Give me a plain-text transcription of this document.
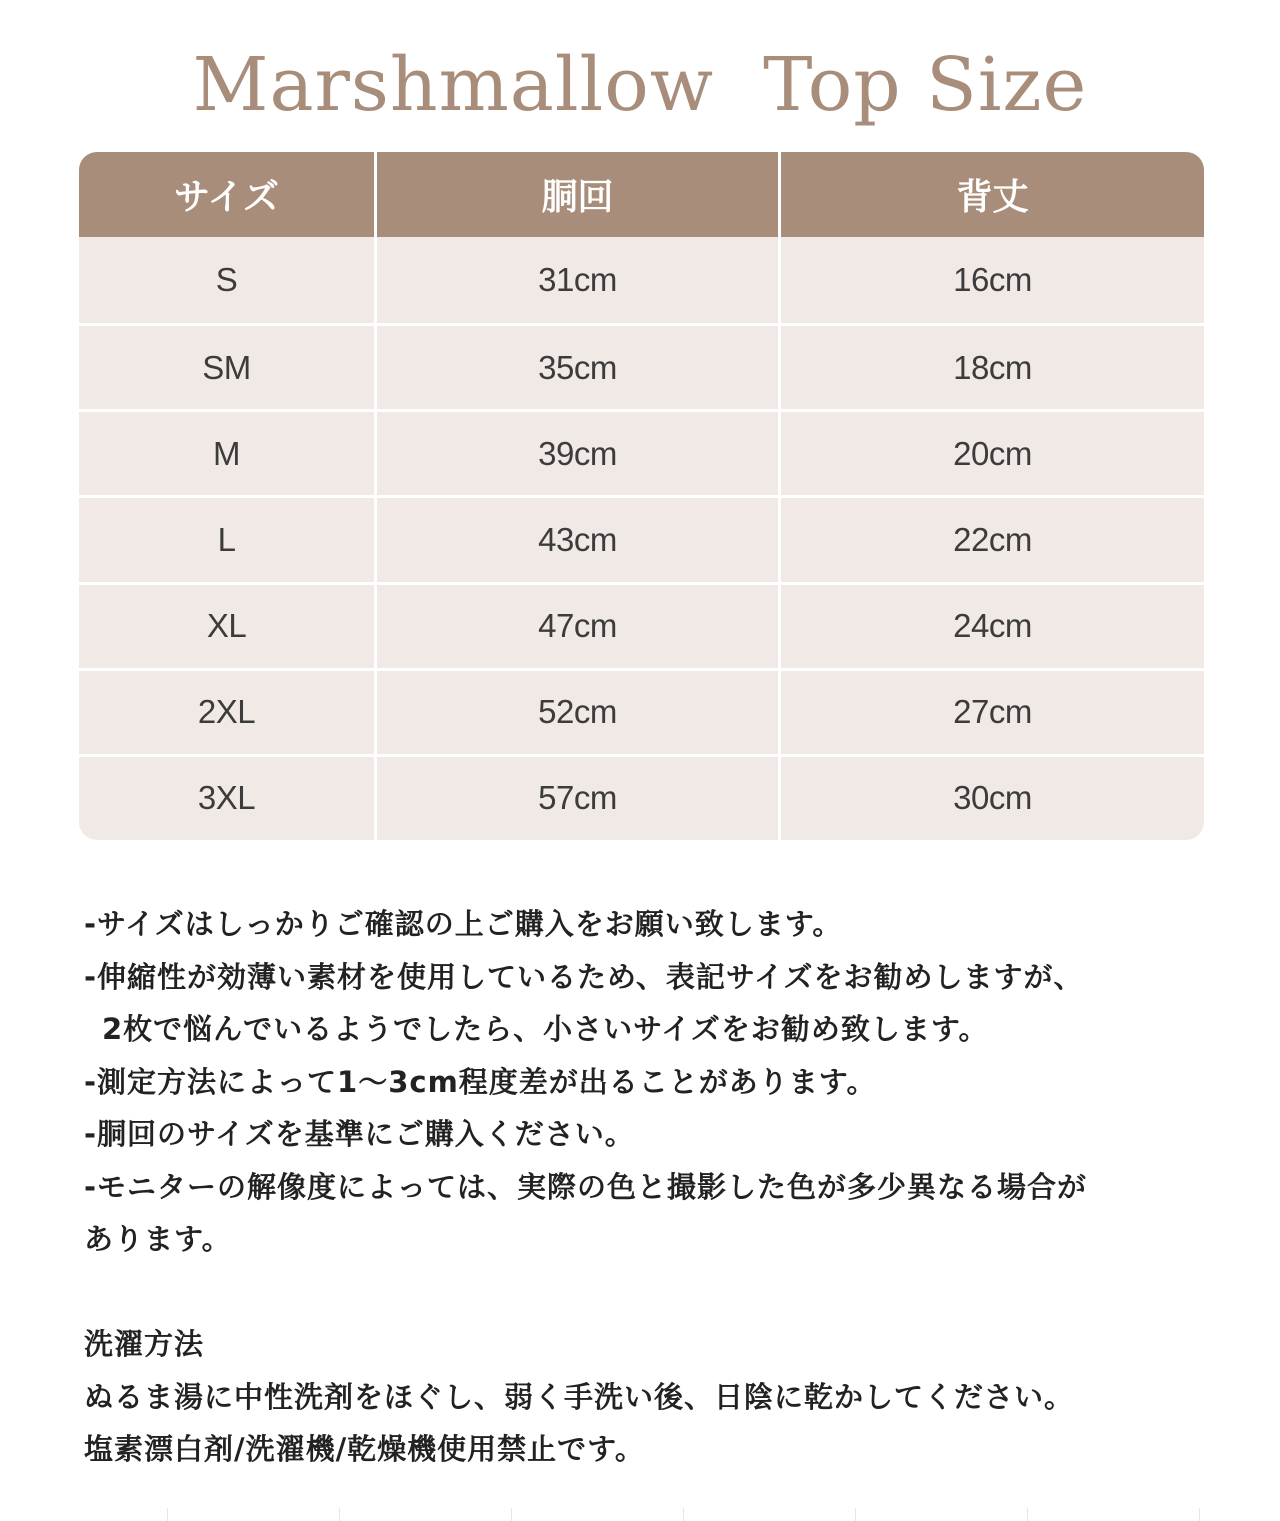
Marshmallow  Top Size
サイズ	胴回	背丈
S	31cm	16cm
SM	35cm	18cm
M	39cm	20cm
L	43cm	22cm
XL	47cm	24cm
2XL	52cm	27cm
3XL	57cm	30cm
-サイズはしっかりご確認の上ご購入をお願い致します。
-伸縮性が効薄い素材を使用しているため、表記サイズをお勧めしますが、
2枚で悩んでいるようでしたら、小さいサイズをお勧め致します。
-測定方法によって1～3cm程度差が出ることがあります。
-胴回のサイズを基準にご購入ください。
-モニターの解像度によっては、実際の色と撮影した色が多少異なる場合が
あります。
洗濯方法
ぬるま湯に中性洗剤をほぐし、弱く手洗い後、日陰に乾かしてください。
塩素漂白剤/洗濯機/乾燥機使用禁止です。
